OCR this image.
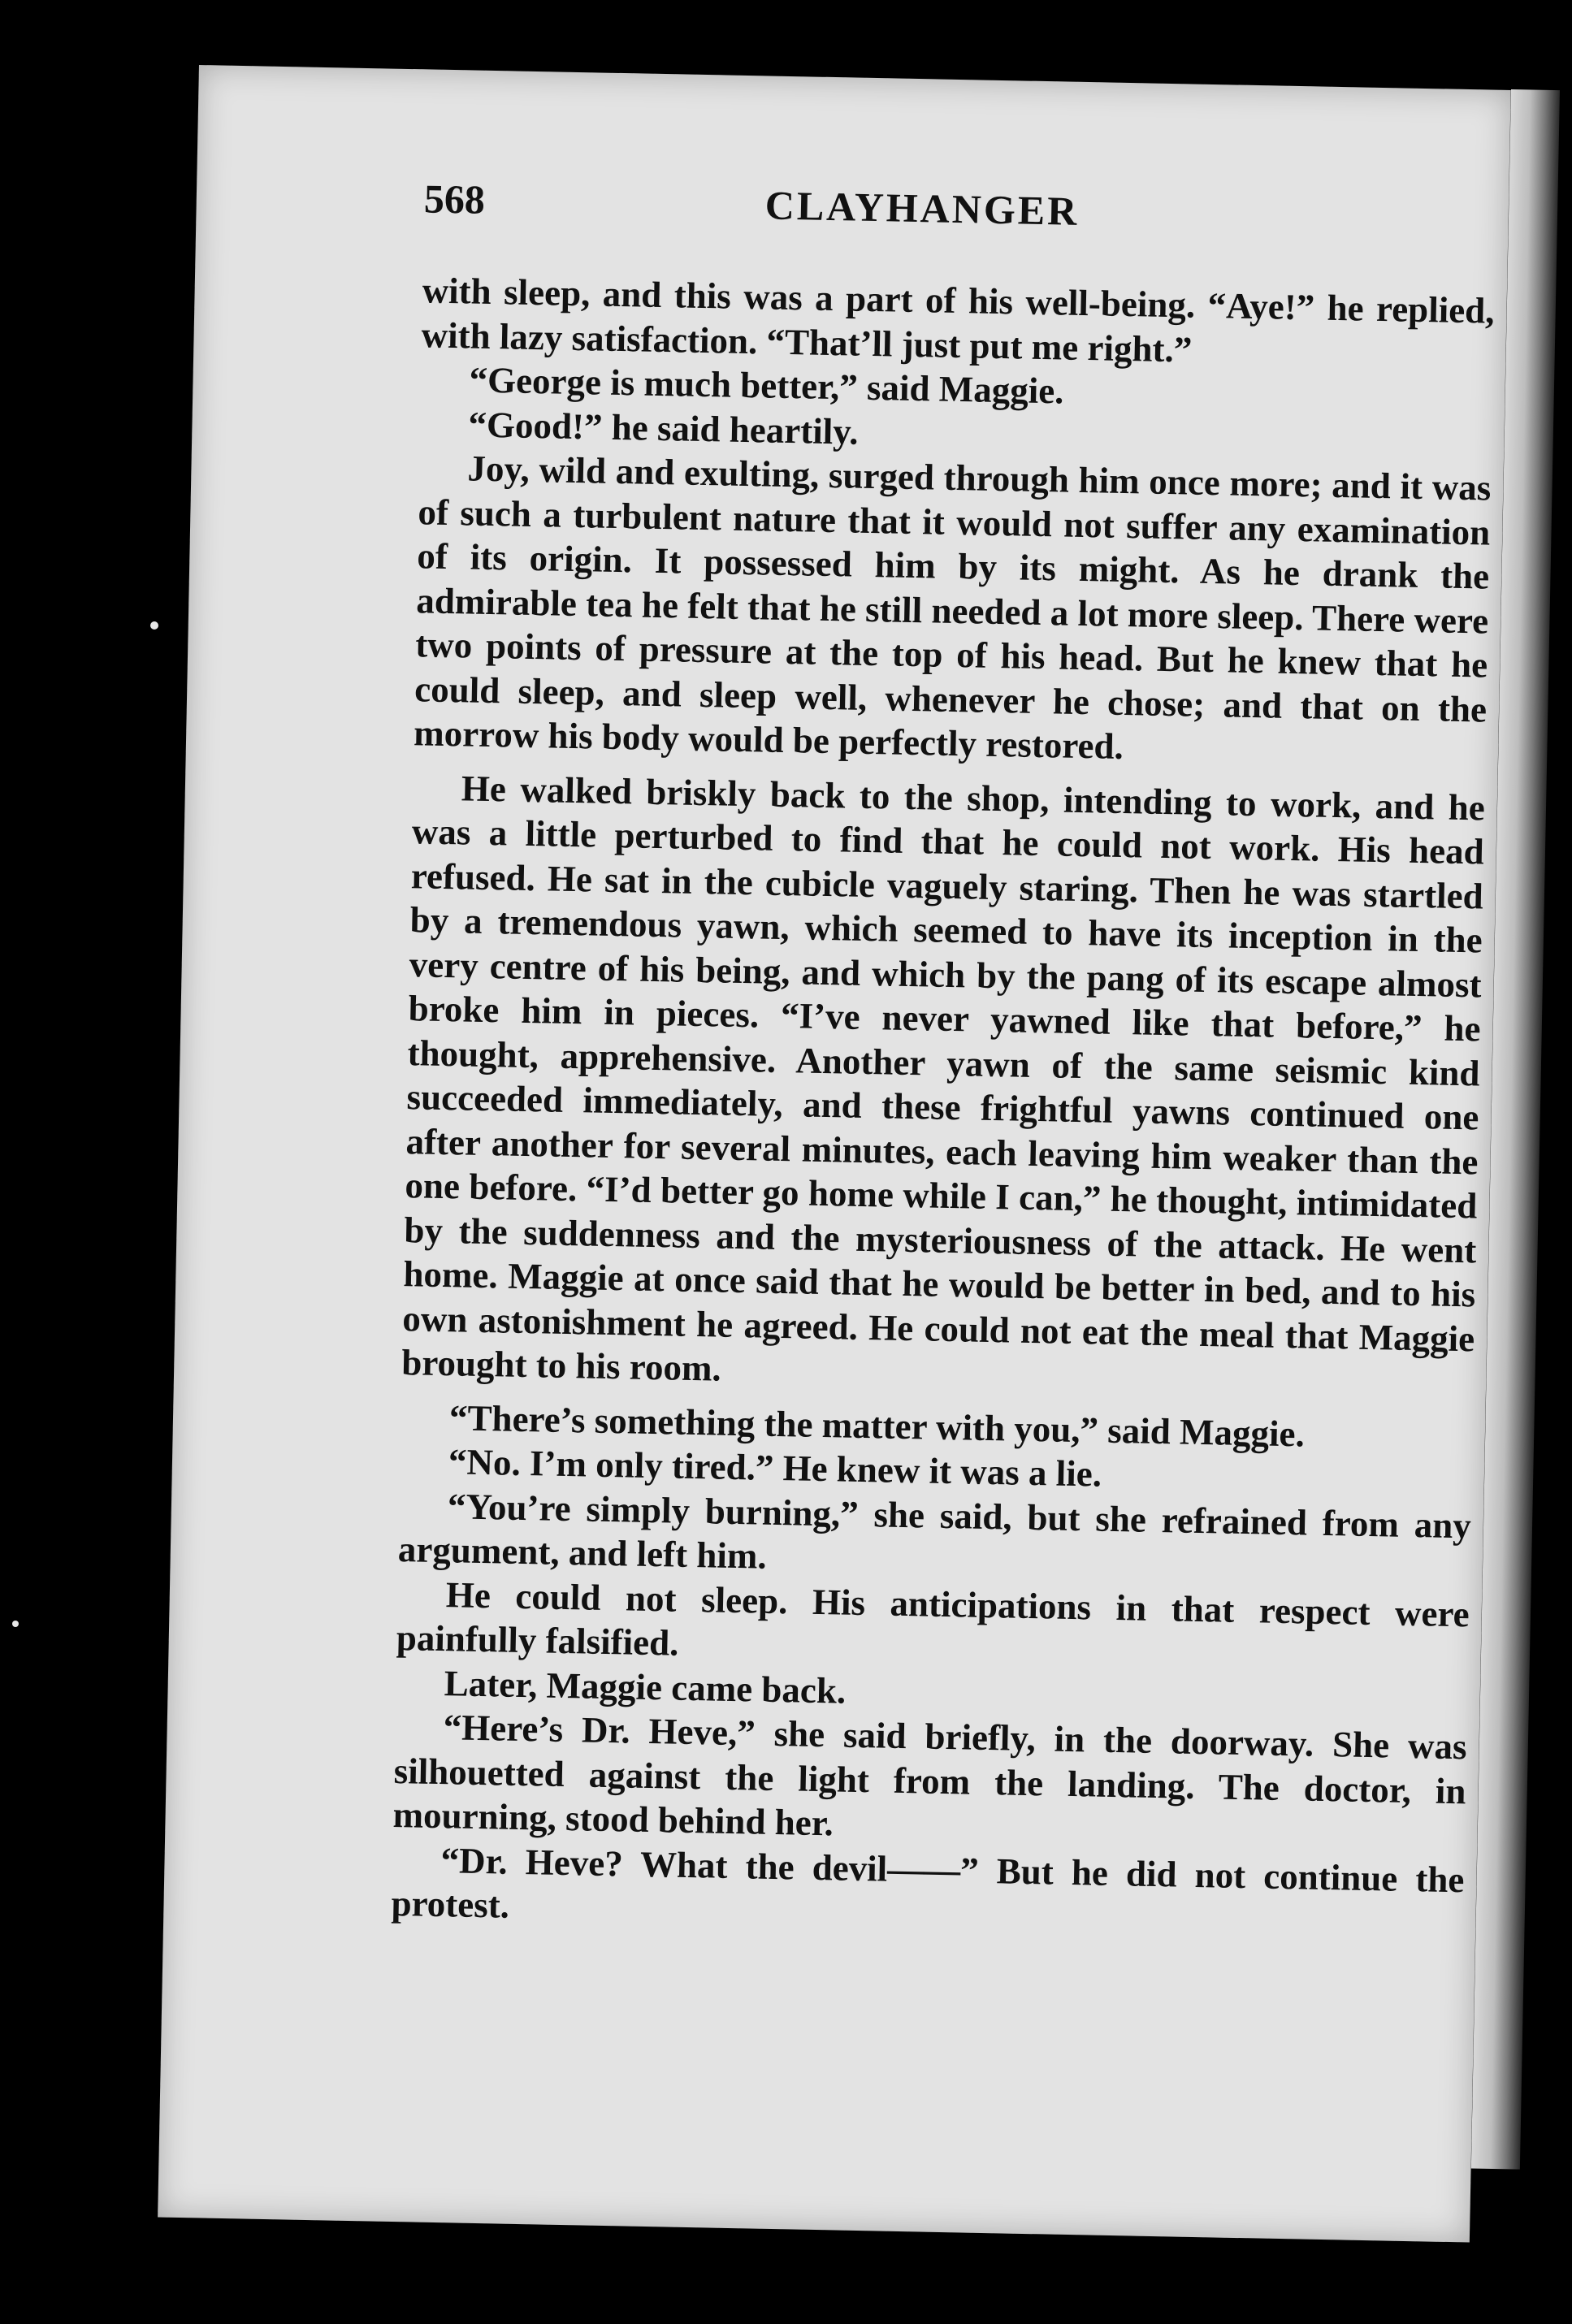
568	CLAYHANGER

with sleep, and this was a part of his well-being. “Aye!” he replied, with lazy satisfaction. “That’ll just put me right.”

“George is much better,” said Maggie.

“Good!” he said heartily.

Joy, wild and exulting, surged through him once more; and it was of such a turbulent nature that it would not suffer any examination of its origin. It possessed him by its might. As he drank the admirable tea he felt that he still needed a lot more sleep. There were two points of pressure at the top of his head. But he knew that he could sleep, and sleep well, whenever he chose; and that on the morrow his body would be perfectly restored.

He walked briskly back to the shop, intending to work, and he was a little perturbed to find that he could not work. His head refused. He sat in the cubicle vaguely staring. Then he was startled by a tremendous yawn, which seemed to have its inception in the very centre of his being, and which by the pang of its escape almost broke him in pieces. “I’ve never yawned like that before,” he thought, apprehensive. Another yawn of the same seismic kind succeeded immediately, and these frightful yawns continued one after another for several minutes, each leaving him weaker than the one before. “I’d better go home while I can,” he thought, intimidated by the suddenness and the mysteriousness of the attack. He went home. Maggie at once said that he would be better in bed, and to his own astonishment he agreed. He could not eat the meal that Maggie brought to his room.

“There’s something the matter with you,” said Maggie.

“No. I’m only tired.” He knew it was a lie.

“You’re simply burning,” she said, but she refrained from any argument, and left him.

He could not sleep. His anticipations in that respect were painfully falsified.

Later, Maggie came back.

“Here’s Dr. Heve,” she said briefly, in the doorway. She was silhouetted against the light from the landing. The doctor, in mourning, stood behind her.

“Dr. Heve? What the devil——” But he did not continue the protest.
